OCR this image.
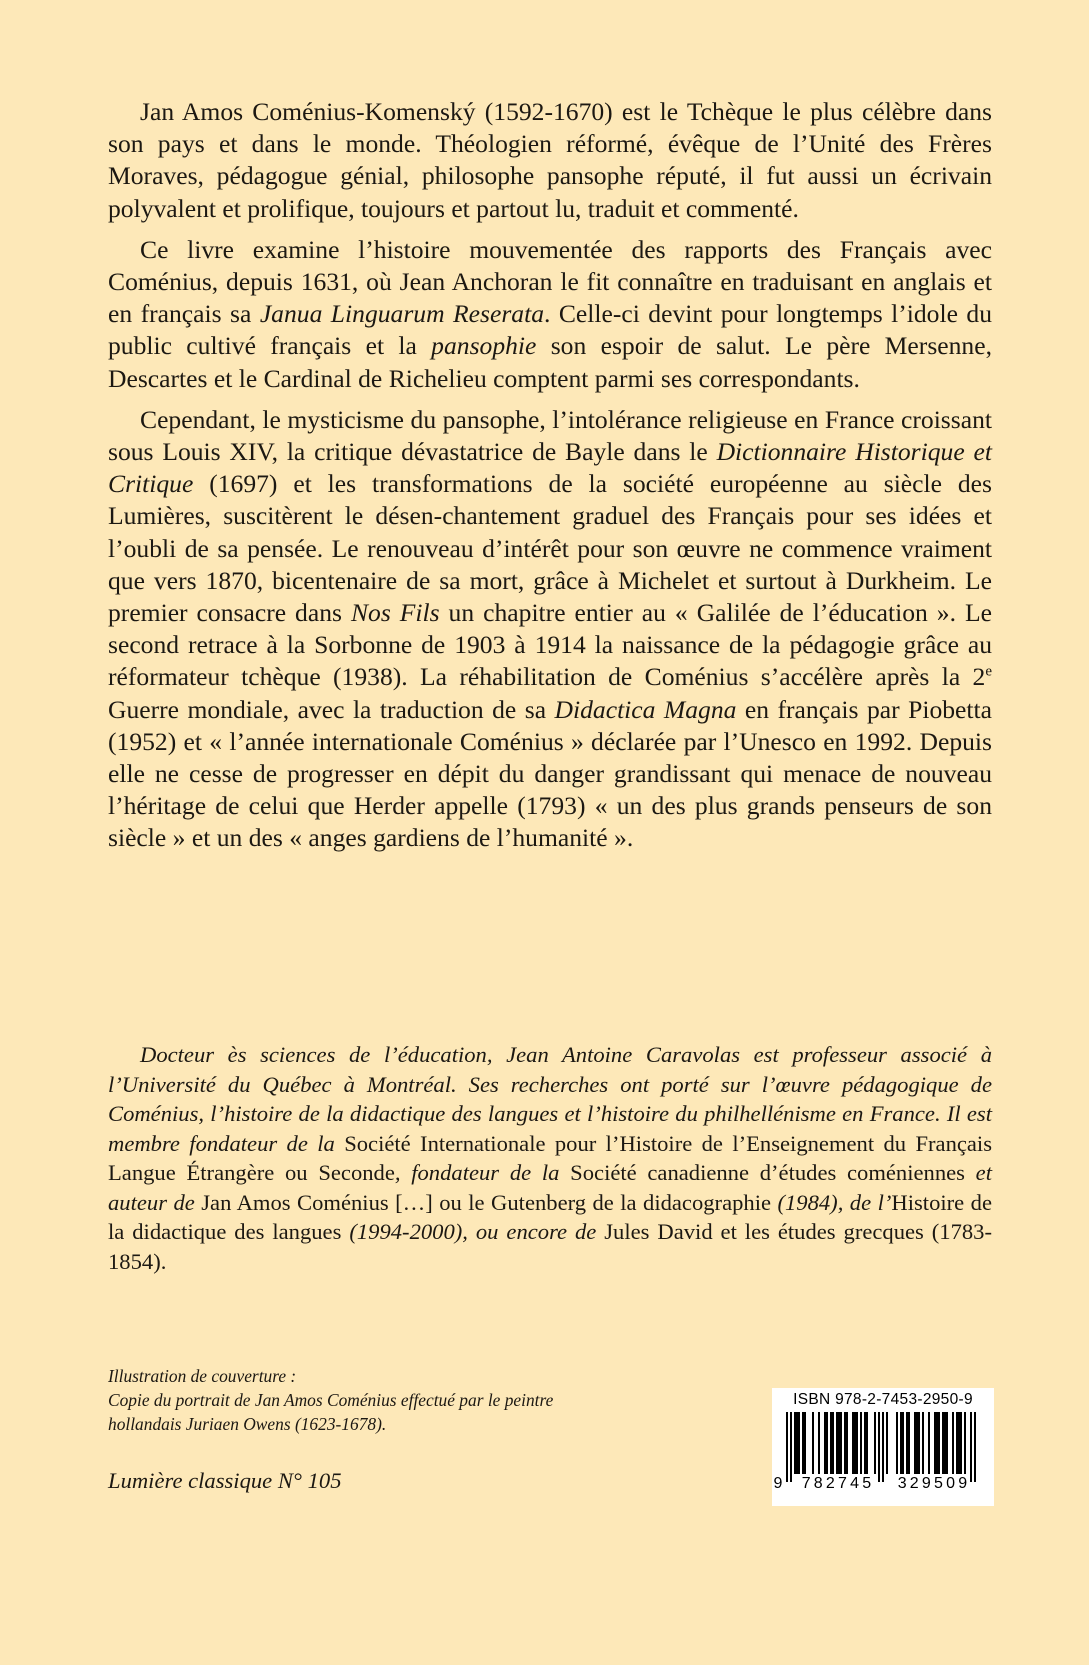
Jan Amos Coménius-Komenský (1592-1670) est le Tchèque le plus célèbre dans son pays et dans le monde. Théologien réformé, évêque de l’Unité des Frères Moraves, pédagogue génial, philosophe pansophe réputé, il fut aussi un écrivain polyvalent et prolifique, toujours et partout lu, traduit et commenté.

Ce livre examine l’histoire mouvementée des rapports des Français avec Coménius, depuis 1631, où Jean Anchoran le fit connaître en traduisant en anglais et en français sa Janua Linguarum Reserata. Celle-ci devint pour longtemps l’idole du public cultivé français et la pansophie son espoir de salut. Le père Mersenne, Descartes et le Cardinal de Richelieu comptent parmi ses correspondants.

Cependant, le mysticisme du pansophe, l’intolérance religieuse en France croissant sous Louis XIV, la critique dévastatrice de Bayle dans le Dictionnaire Historique et Critique (1697) et les transformations de la société européenne au siècle des Lumières, suscitèrent le désen-chantement graduel des Français pour ses idées et l’oubli de sa pensée. Le renouveau d’intérêt pour son œuvre ne commence vraiment que vers 1870, bicentenaire de sa mort, grâce à Michelet et surtout à Durkheim. Le premier consacre dans Nos Fils un chapitre entier au « Galilée de l’éducation ». Le second retrace à la Sorbonne de 1903 à 1914 la naissance de la pédagogie grâce au réformateur tchèque (1938). La réhabilitation de Coménius s’accélère après la 2e Guerre mondiale, avec la traduction de sa Didactica Magna en français par Piobetta (1952) et « l’année internationale Coménius » déclarée par l’Unesco en 1992. Depuis elle ne cesse de progresser en dépit du danger grandissant qui menace de nouveau l’héritage de celui que Herder appelle (1793) « un des plus grands penseurs de son siècle » et un des « anges gardiens de l’humanité ».

Docteur ès sciences de l’éducation, Jean Antoine Caravolas est professeur associé à l’Université du Québec à Montréal. Ses recherches ont porté sur l’œuvre pédagogique de Coménius, l’histoire de la didactique des langues et l’histoire du philhellénisme en France. Il est membre fondateur de la Société Internationale pour l’Histoire de l’Enseignement du Français Langue Étrangère ou Seconde, fondateur de la Société canadienne d’études coméniennes et auteur de Jan Amos Coménius […] ou le Gutenberg de la didacographie (1984), de l’Histoire de la didactique des langues (1994-2000), ou encore de Jules David et les études grecques (1783-1854).

Illustration de couverture :
Copie du portrait de Jan Amos Coménius effectué par le peintre
hollandais Juriaen Owens (1623-1678).
Lumière classique N° 105
ISBN 978-2-7453-2950-9
9	782745	329509
